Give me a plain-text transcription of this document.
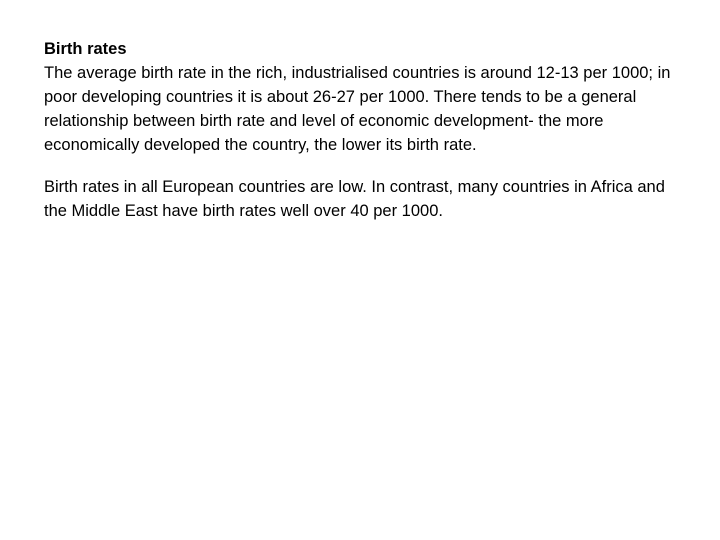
Birth rates

The average birth rate in the rich, industrialised countries is around 12-13 per 1000; in poor developing countries it is about 26-27 per 1000. There tends to be a general relationship between birth rate and level of economic development- the more economically developed the country, the lower its birth rate.

Birth rates in all European countries are low. In contrast, many countries in Africa and the Middle East have birth rates well over 40 per 1000.
